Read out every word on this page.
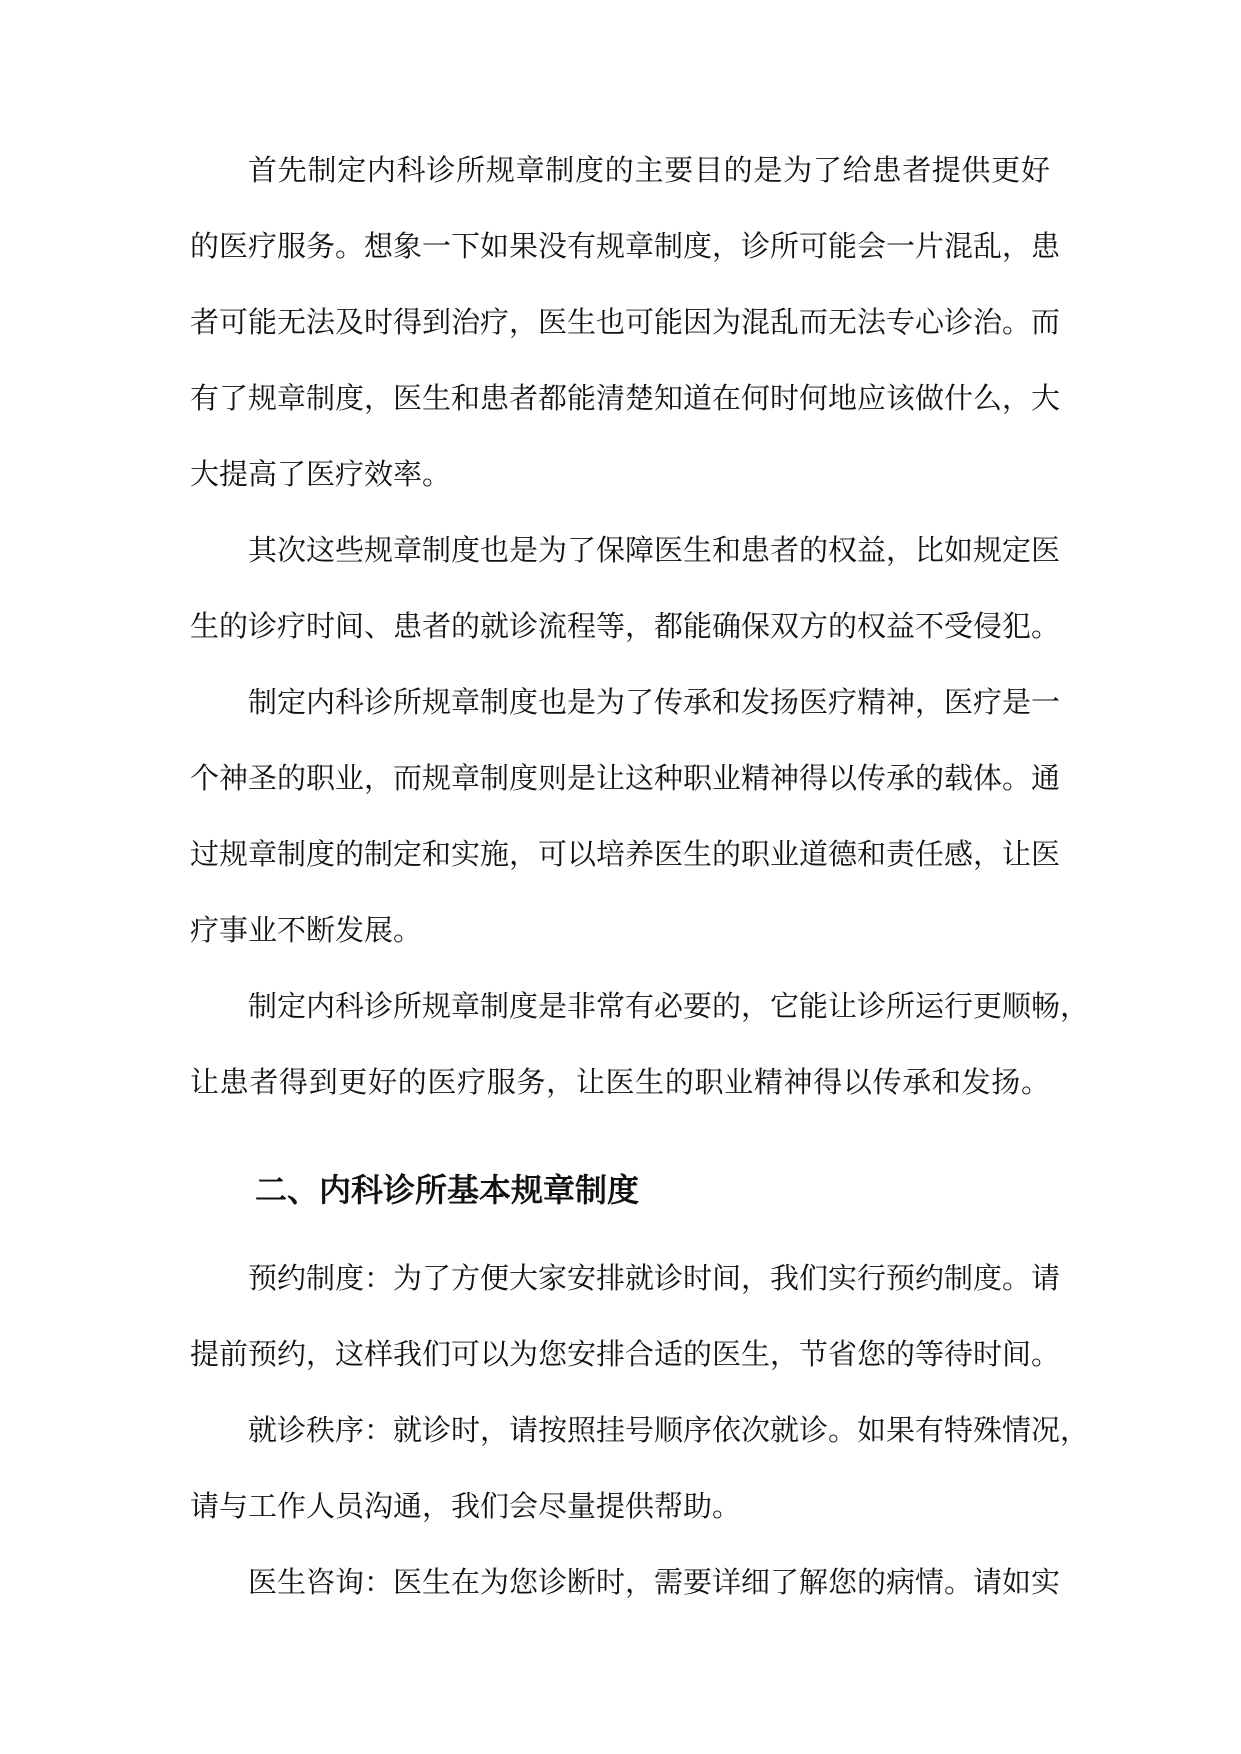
首先制定内科诊所规章制度的主要目的是为了给患者提供更好

的医疗服务。想象一下如果没有规章制度，诊所可能会一片混乱，患

者可能无法及时得到治疗，医生也可能因为混乱而无法专心诊治。而

有了规章制度，医生和患者都能清楚知道在何时何地应该做什么，大

大提高了医疗效率。

其次这些规章制度也是为了保障医生和患者的权益，比如规定医

生的诊疗时间、患者的就诊流程等，都能确保双方的权益不受侵犯。

制定内科诊所规章制度也是为了传承和发扬医疗精神，医疗是一

个神圣的职业，而规章制度则是让这种职业精神得以传承的载体。通

过规章制度的制定和实施，可以培养医生的职业道德和责任感，让医

疗事业不断发展。

制定内科诊所规章制度是非常有必要的，它能让诊所运行更顺畅，

让患者得到更好的医疗服务，让医生的职业精神得以传承和发扬。

二、内科诊所基本规章制度

预约制度：为了方便大家安排就诊时间，我们实行预约制度。请

提前预约，这样我们可以为您安排合适的医生，节省您的等待时间。

就诊秩序：就诊时，请按照挂号顺序依次就诊。如果有特殊情况，

请与工作人员沟通，我们会尽量提供帮助。

医生咨询：医生在为您诊断时，需要详细了解您的病情。请如实
